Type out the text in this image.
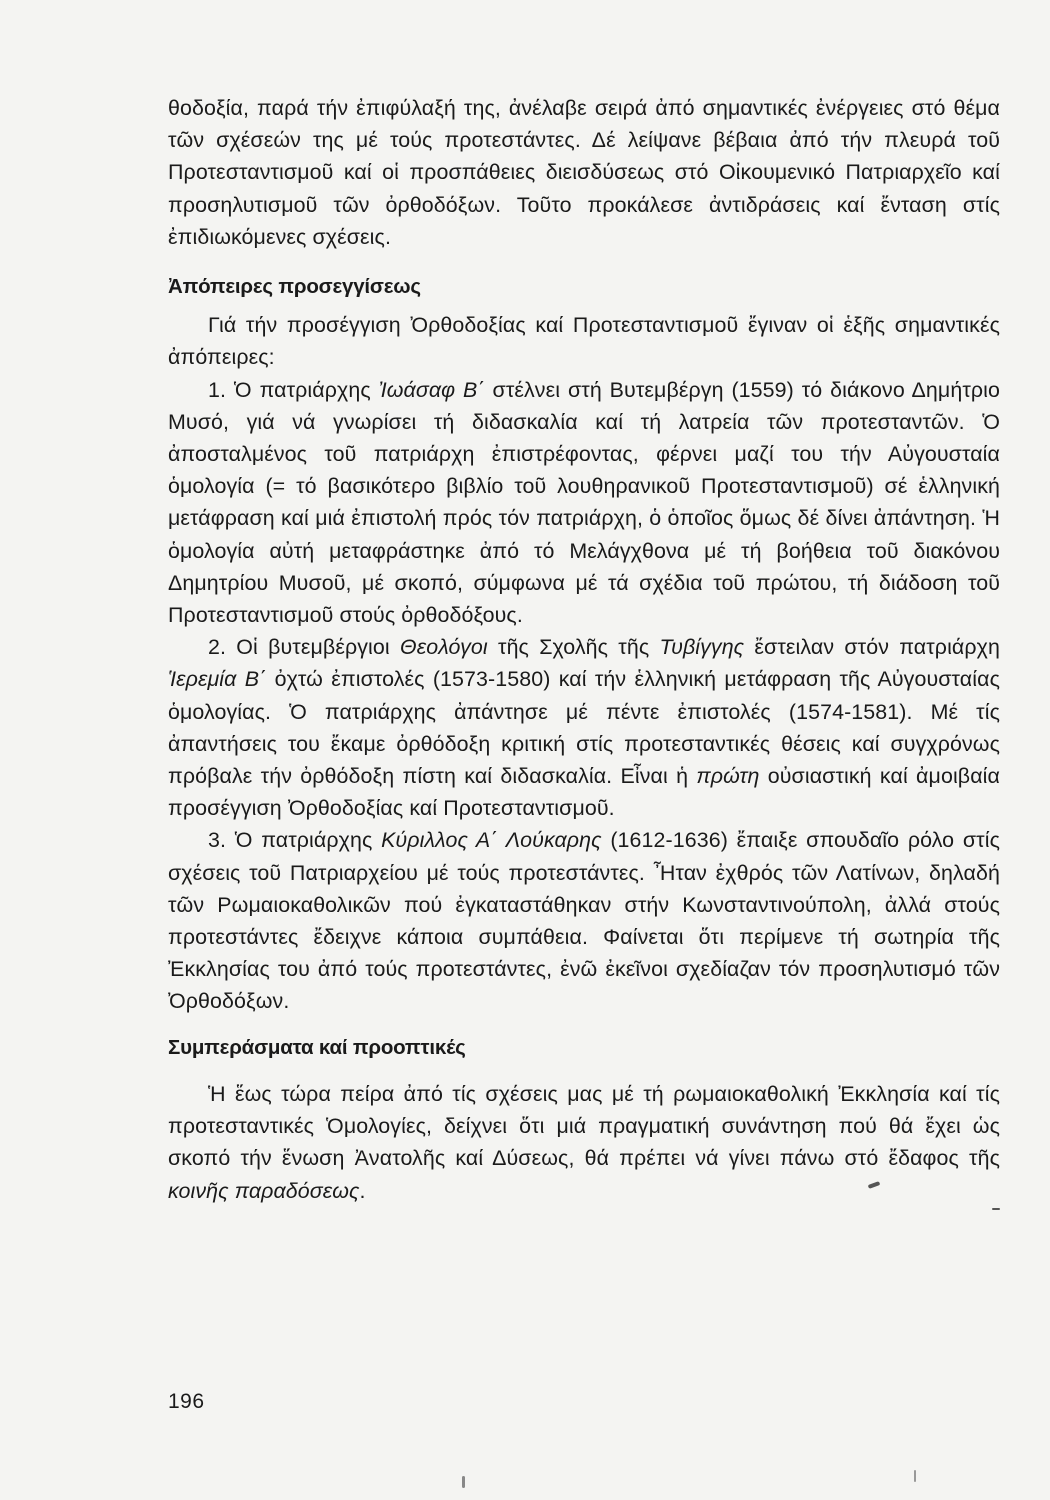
θοδοξία, παρά τήν ἐπιφύλαξή της, ἀνέλαβε σειρά ἀπό σημαντικές ἐνέργειες στό θέμα τῶν σχέσεών της μέ τούς προτεστάντες. Δέ λείψανε βέβαια ἀπό τήν πλευρά τοῦ Προτεσταντισμοῦ καί οἱ προσπάθειες διεισδύσεως στό Οἰκουμενικό Πατριαρχεῖο καί προσηλυτισμοῦ τῶν ὀρθοδόξων. Τοῦτο προκάλεσε ἀντιδράσεις καί ἔνταση στίς ἐπιδιωκόμενες σχέσεις.

Ἀπόπειρες προσεγγίσεως

Γιά τήν προσέγγιση Ὀρθοδοξίας καί Προτεσταντισμοῦ ἔγιναν οἱ ἑξῆς σημαντικές ἀπόπειρες:

1. Ὁ πατριάρχης Ἰωάσαφ Β΄ στέλνει στή Βυτεμβέργη (1559) τό διάκονο Δημήτριο Μυσό, γιά νά γνωρίσει τή διδασκαλία καί τή λατρεία τῶν προτεσταντῶν. Ὁ ἀποσταλμένος τοῦ πατριάρχη ἐπιστρέφοντας, φέρνει μαζί του τήν Αὐγουσταία ὁμολογία (= τό βασικότερο βιβλίο τοῦ λουθηρανικοῦ Προτεσταντισμοῦ) σέ ἑλληνική μετάφραση καί μιά ἐπιστολή πρός τόν πατριάρχη, ὁ ὁποῖος ὅμως δέ δίνει ἀπάντηση. Ἡ ὁμολογία αὐτή μεταφράστηκε ἀπό τό Μελάγχθονα μέ τή βοήθεια τοῦ διακόνου Δημητρίου Μυσοῦ, μέ σκοπό, σύμφωνα μέ τά σχέδια τοῦ πρώτου, τή διάδοση τοῦ Προτεσταντισμοῦ στούς ὀρθοδόξους.

2. Οἱ βυτεμβέργιοι Θεολόγοι τῆς Σχολῆς τῆς Τυβίγγης ἔστειλαν στόν πατριάρχη Ἱερεμία Β΄ ὀχτώ ἐπιστολές (1573-1580) καί τήν ἑλληνική μετάφραση τῆς Αὐγουσταίας ὁμολογίας. Ὁ πατριάρχης ἀπάντησε μέ πέντε ἐπιστολές (1574-1581). Μέ τίς ἀπαντήσεις του ἔκαμε ὀρθόδοξη κριτική στίς προτεσταντικές θέσεις καί συγχρόνως πρόβαλε τήν ὀρθόδοξη πίστη καί διδασκαλία. Εἶναι ἡ πρώτη οὐσιαστική καί ἀμοιβαία προσέγγιση Ὀρθοδοξίας καί Προτεσταντισμοῦ.

3. Ὁ πατριάρχης Κύριλλος Α΄ Λούκαρης (1612-1636) ἔπαιξε σπουδαῖο ρόλο στίς σχέσεις τοῦ Πατριαρχείου μέ τούς προτεστάντες. Ἦταν ἐχθρός τῶν Λατίνων, δηλαδή τῶν Ρωμαιοκαθολικῶν πού ἐγκαταστάθηκαν στήν Κωνσταντινούπολη, ἀλλά στούς προτεστάντες ἔδειχνε κάποια συμπάθεια. Φαίνεται ὅτι περίμενε τή σωτηρία τῆς Ἐκκλησίας του ἀπό τούς προτεστάντες, ἐνῶ ἐκεῖνοι σχεδίαζαν τόν προσηλυτισμό τῶν Ὀρθοδόξων.

Συμπεράσματα καί προοπτικές

Ἡ ἕως τώρα πείρα ἀπό τίς σχέσεις μας μέ τή ρωμαιοκαθολική Ἐκκλησία καί τίς προτεσταντικές Ὁμολογίες, δείχνει ὅτι μιά πραγματική συνάντηση πού θά ἔχει ὡς σκοπό τήν ἕνωση Ἀνατολῆς καί Δύσεως, θά πρέπει νά γίνει πάνω στό ἔδαφος τῆς κοινῆς παραδόσεως.

196
